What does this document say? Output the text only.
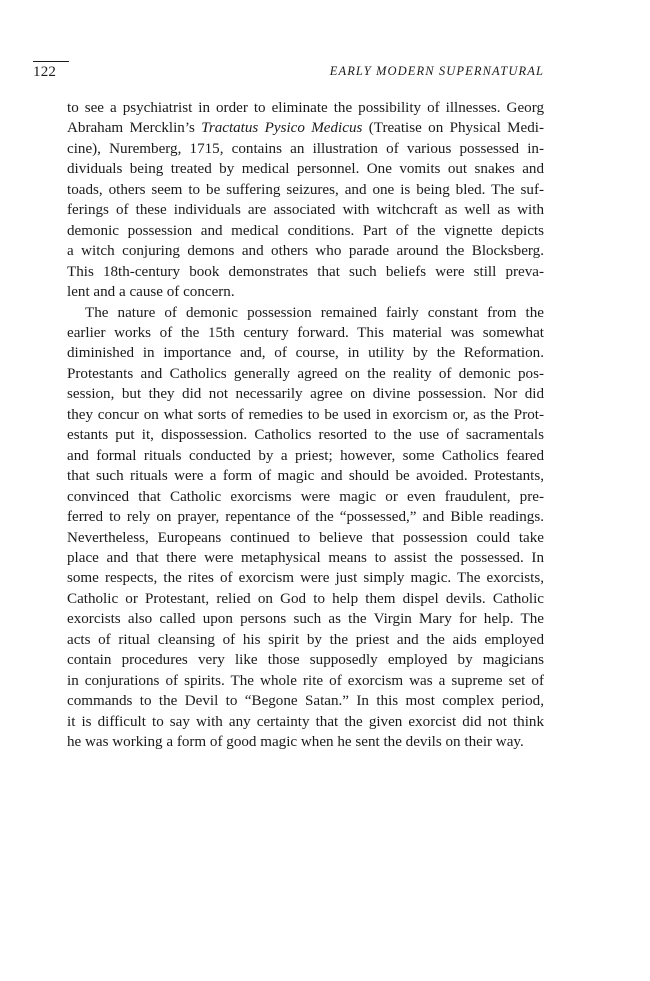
122	EARLY MODERN SUPERNATURAL
to see a psychiatrist in order to eliminate the possibility of illnesses. Georg
Abraham Mercklin’s Tractatus Pysico Medicus (Treatise on Physical Medi-
cine), Nuremberg, 1715, contains an illustration of various possessed in-
dividuals being treated by medical personnel. One vomits out snakes and
toads, others seem to be suffering seizures, and one is being bled. The suf-
ferings of these individuals are associated with witchcraft as well as with
demonic possession and medical conditions. Part of the vignette depicts
a witch conjuring demons and others who parade around the Blocksberg.
This 18th-century book demonstrates that such beliefs were still preva-
lent and a cause of concern.
The nature of demonic possession remained fairly constant from the
earlier works of the 15th century forward. This material was somewhat
diminished in importance and, of course, in utility by the Reformation.
Protestants and Catholics generally agreed on the reality of demonic pos-
session, but they did not necessarily agree on divine possession. Nor did
they concur on what sorts of remedies to be used in exorcism or, as the Prot-
estants put it, dispossession. Catholics resorted to the use of sacramentals
and formal rituals conducted by a priest; however, some Catholics feared
that such rituals were a form of magic and should be avoided. Protestants,
convinced that Catholic exorcisms were magic or even fraudulent, pre-
ferred to rely on prayer, repentance of the “possessed,” and Bible readings.
Nevertheless, Europeans continued to believe that possession could take
place and that there were metaphysical means to assist the possessed. In
some respects, the rites of exorcism were just simply magic. The exorcists,
Catholic or Protestant, relied on God to help them dispel devils. Catholic
exorcists also called upon persons such as the Virgin Mary for help. The
acts of ritual cleansing of his spirit by the priest and the aids employed
contain procedures very like those supposedly employed by magicians
in conjurations of spirits. The whole rite of exorcism was a supreme set of
commands to the Devil to “Begone Satan.” In this most complex period,
it is difficult to say with any certainty that the given exorcist did not think
he was working a form of good magic when he sent the devils on their way.
